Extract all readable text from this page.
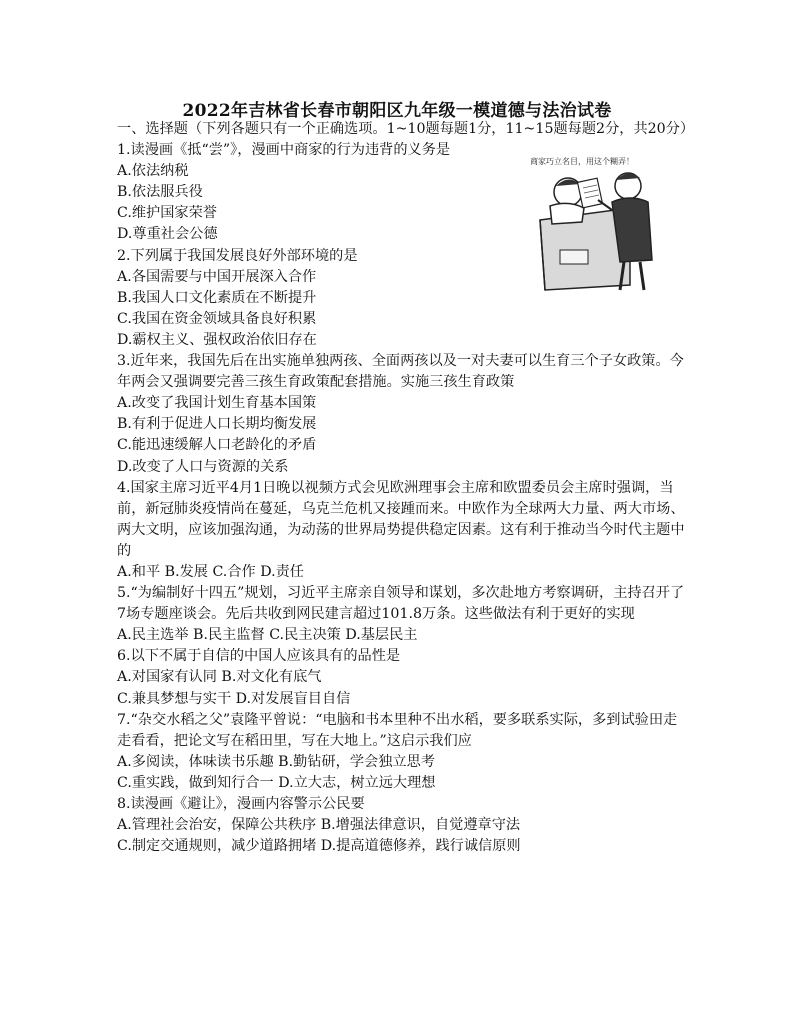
2022年吉林省长春市朝阳区九年级一模道德与法治试卷

一、选择题（下列各题只有一个正确选项。1~10题每题1分，11~15题每题2分，共20分）

1.读漫画《抵“尝”》，漫画中商家的行为违背的义务是

A.依法纳税

B.依法服兵役

C.维护国家荣誉

D.尊重社会公德

2.下列属于我国发展良好外部环境的是

A.各国需要与中国开展深入合作

B.我国人口文化素质在不断提升

C.我国在资金领域具备良好积累

D.霸权主义、强权政治依旧存在

3.近年来，我国先后在出实施单独两孩、全面两孩以及一对夫妻可以生育三个子女政策。今年两会又强调要完善三孩生育政策配套措施。实施三孩生育政策

A.改变了我国计划生育基本国策

B.有利于促进人口长期均衡发展

C.能迅速缓解人口老龄化的矛盾

D.改变了人口与资源的关系

4.国家主席习近平4月1日晚以视频方式会见欧洲理事会主席和欧盟委员会主席时强调，当前，新冠肺炎疫情尚在蔓延，乌克兰危机又接踵而来。中欧作为全球两大力量、两大市场、两大文明，应该加强沟通，为动荡的世界局势提供稳定因素。这有利于推动当今时代主题中的

A.和平 B.发展 C.合作 D.责任

5.“为编制好十四五”规划，习近平主席亲自领导和谋划，多次赴地方考察调研，主持召开了7场专题座谈会。先后共收到网民建言超过101.8万条。这些做法有利于更好的实现

A.民主选举 B.民主监督 C.民主决策 D.基层民主

6.以下不属于自信的中国人应该具有的品性是

A.对国家有认同 B.对文化有底气

C.兼具梦想与实干 D.对发展盲目自信

7.“杂交水稻之父”袁隆平曾说：“电脑和书本里种不出水稻，要多联系实际，多到试验田走走看看，把论文写在稻田里，写在大地上。”这启示我们应

A.多阅读，体味读书乐趣 B.勤钻研，学会独立思考

C.重实践，做到知行合一 D.立大志，树立远大理想

8.读漫画《避让》，漫画内容警示公民要

A.管理社会治安，保障公共秩序 B.增强法律意识，自觉遵章守法

C.制定交通规则，减少道路拥堵 D.提高道德修养，践行诚信原则

商家巧立名目，用这个糊弄！
